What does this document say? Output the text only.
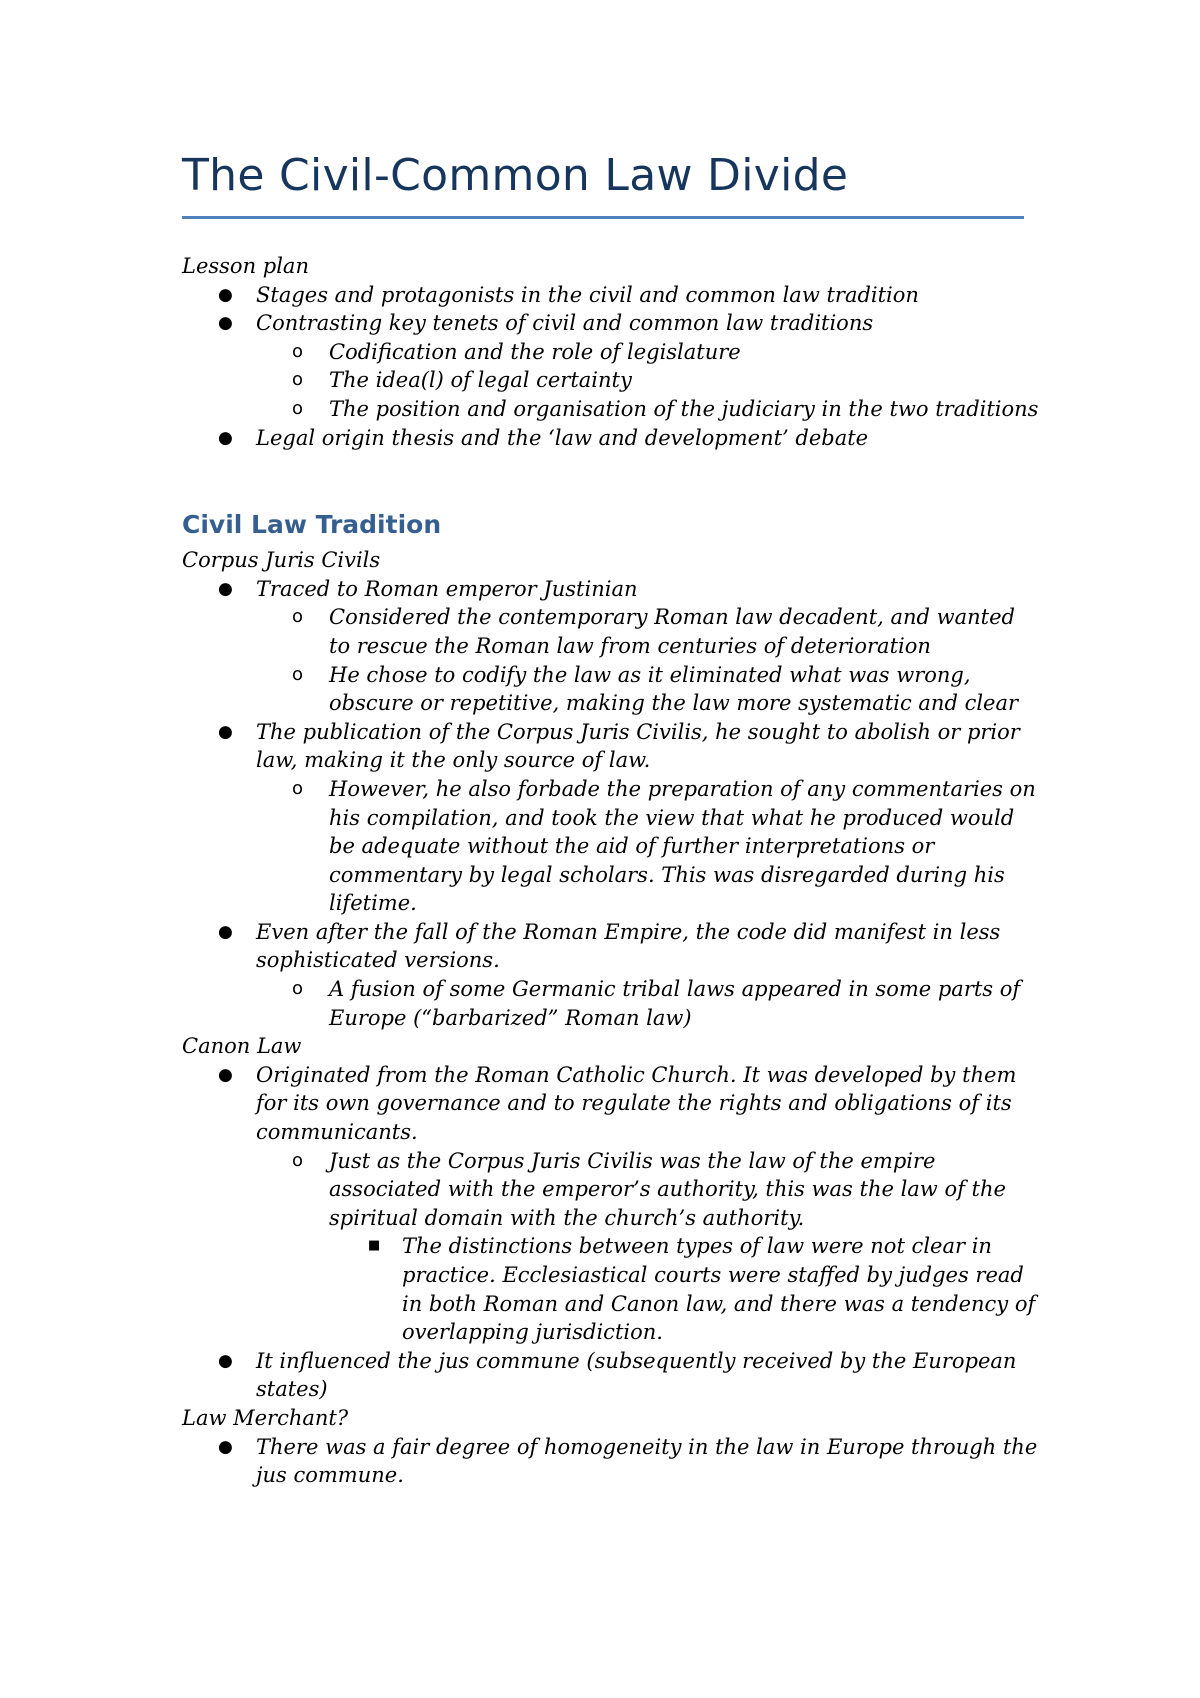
The Civil-Common Law Divide

Lesson plan

● Stages and protagonists in the civil and common law tradition
● Contrasting key tenets of civil and common law traditions
o Codification and the role of legislature
o The idea(l) of legal certainty
o The position and organisation of the judiciary in the two traditions
● Legal origin thesis and the ‘law and development’ debate
Civil Law Tradition

Corpus Juris Civils

● Traced to Roman emperor Justinian
o Considered the contemporary Roman law decadent, and wanted to rescue the Roman law from centuries of deterioration
o He chose to codify the law as it eliminated what was wrong, obscure or repetitive, making the law more systematic and clear
● The publication of the Corpus Juris Civilis, he sought to abolish or prior law, making it the only source of law.
o However, he also forbade the preparation of any commentaries on his compilation, and took the view that what he produced would be adequate without the aid of further interpretations or commentary by legal scholars. This was disregarded during his lifetime.
● Even after the fall of the Roman Empire, the code did manifest in less sophisticated versions.
o A fusion of some Germanic tribal laws appeared in some parts of Europe (“barbarized” Roman law)

Canon Law

● Originated from the Roman Catholic Church. It was developed by them for its own governance and to regulate the rights and obligations of its communicants.
o Just as the Corpus Juris Civilis was the law of the empire associated with the emperor’s authority, this was the law of the spiritual domain with the church’s authority.
■ The distinctions between types of law were not clear in practice. Ecclesiastical courts were staffed by judges read in both Roman and Canon law, and there was a tendency of overlapping jurisdiction.
● It influenced the jus commune (subsequently received by the European states)

Law Merchant?

● There was a fair degree of homogeneity in the law in Europe through the jus commune.
